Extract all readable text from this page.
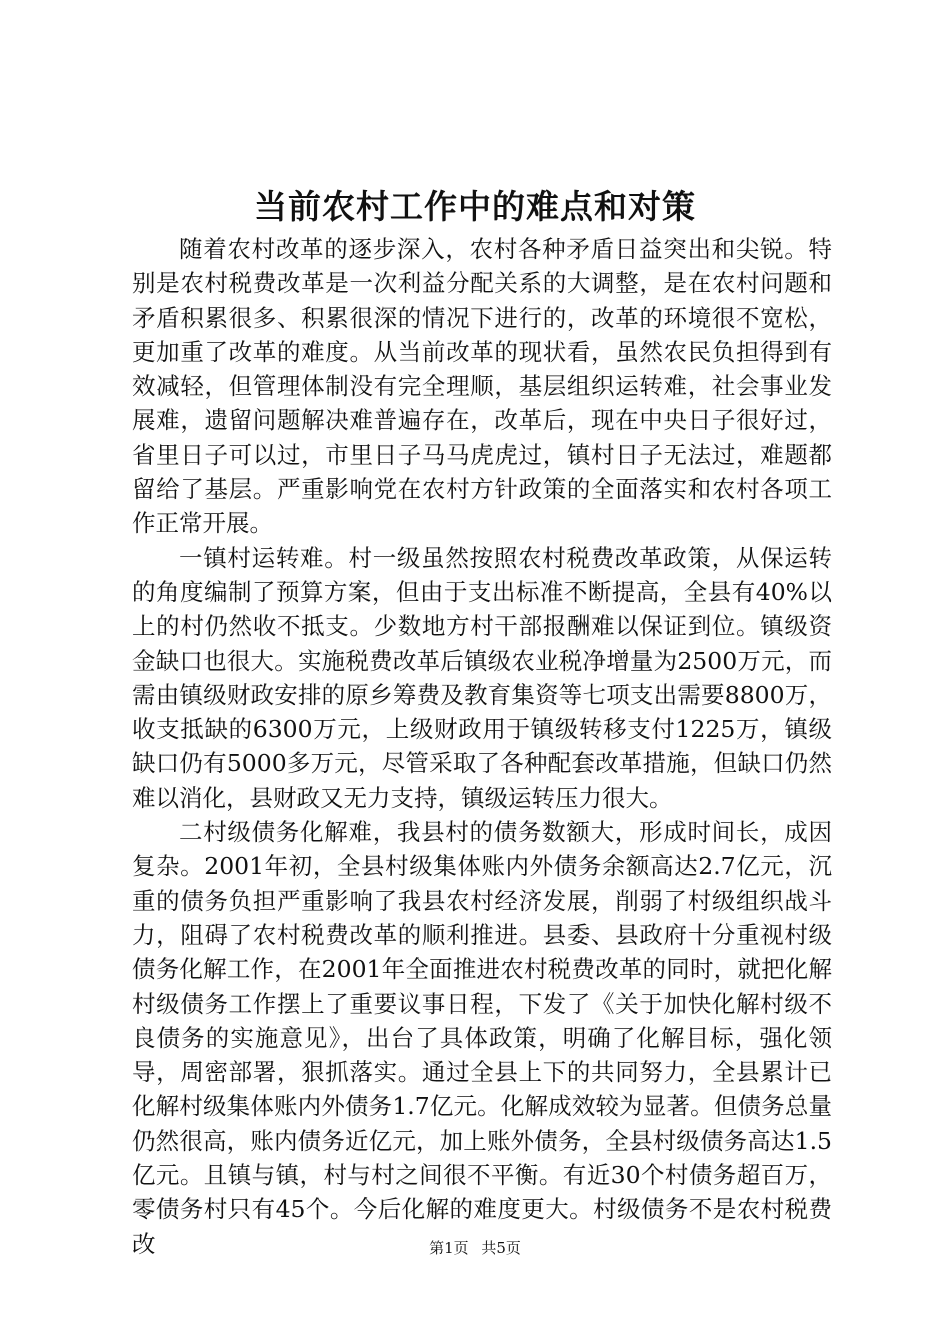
当前农村工作中的难点和对策

随着农村改革的逐步深入，农村各种矛盾日益突出和尖锐。特别是农村税费改革是一次利益分配关系的大调整，是在农村问题和矛盾积累很多、积累很深的情况下进行的，改革的环境很不宽松，更加重了改革的难度。从当前改革的现状看，虽然农民负担得到有效减轻，但管理体制没有完全理顺，基层组织运转难，社会事业发展难，遗留问题解决难普遍存在，改革后，现在中央日子很好过，省里日子可以过，市里日子马马虎虎过，镇村日子无法过，难题都留给了基层。严重影响党在农村方针政策的全面落实和农村各项工作正常开展。

一镇村运转难。村一级虽然按照农村税费改革政策，从保运转的角度编制了预算方案，但由于支出标准不断提高，全县有40%以上的村仍然收不抵支。少数地方村干部报酬难以保证到位。镇级资金缺口也很大。实施税费改革后镇级农业税净增量为2500万元，而需由镇级财政安排的原乡筹费及教育集资等七项支出需要8800万，收支抵缺的6300万元，上级财政用于镇级转移支付1225万，镇级缺口仍有5000多万元，尽管采取了各种配套改革措施，但缺口仍然难以消化，县财政又无力支持，镇级运转压力很大。

二村级债务化解难，我县村的债务数额大，形成时间长，成因复杂。2001年初，全县村级集体账内外债务余额高达2.7亿元，沉重的债务负担严重影响了我县农村经济发展，削弱了村级组织战斗力，阻碍了农村税费改革的顺利推进。县委、县政府十分重视村级债务化解工作，在2001年全面推进农村税费改革的同时，就把化解村级债务工作摆上了重要议事日程，下发了《关于加快化解村级不良债务的实施意见》，出台了具体政策，明确了化解目标，强化领导，周密部署，狠抓落实。通过全县上下的共同努力，全县累计已化解村级集体账内外债务1.7亿元。化解成效较为显著。但债务总量仍然很高，账内债务近亿元，加上账外债务，全县村级债务高达1.5亿元。且镇与镇，村与村之间很不平衡。有近30个村债务超百万，零债务村只有45个。今后化解的难度更大。村级债务不是农村税费改	第1页 共5页
